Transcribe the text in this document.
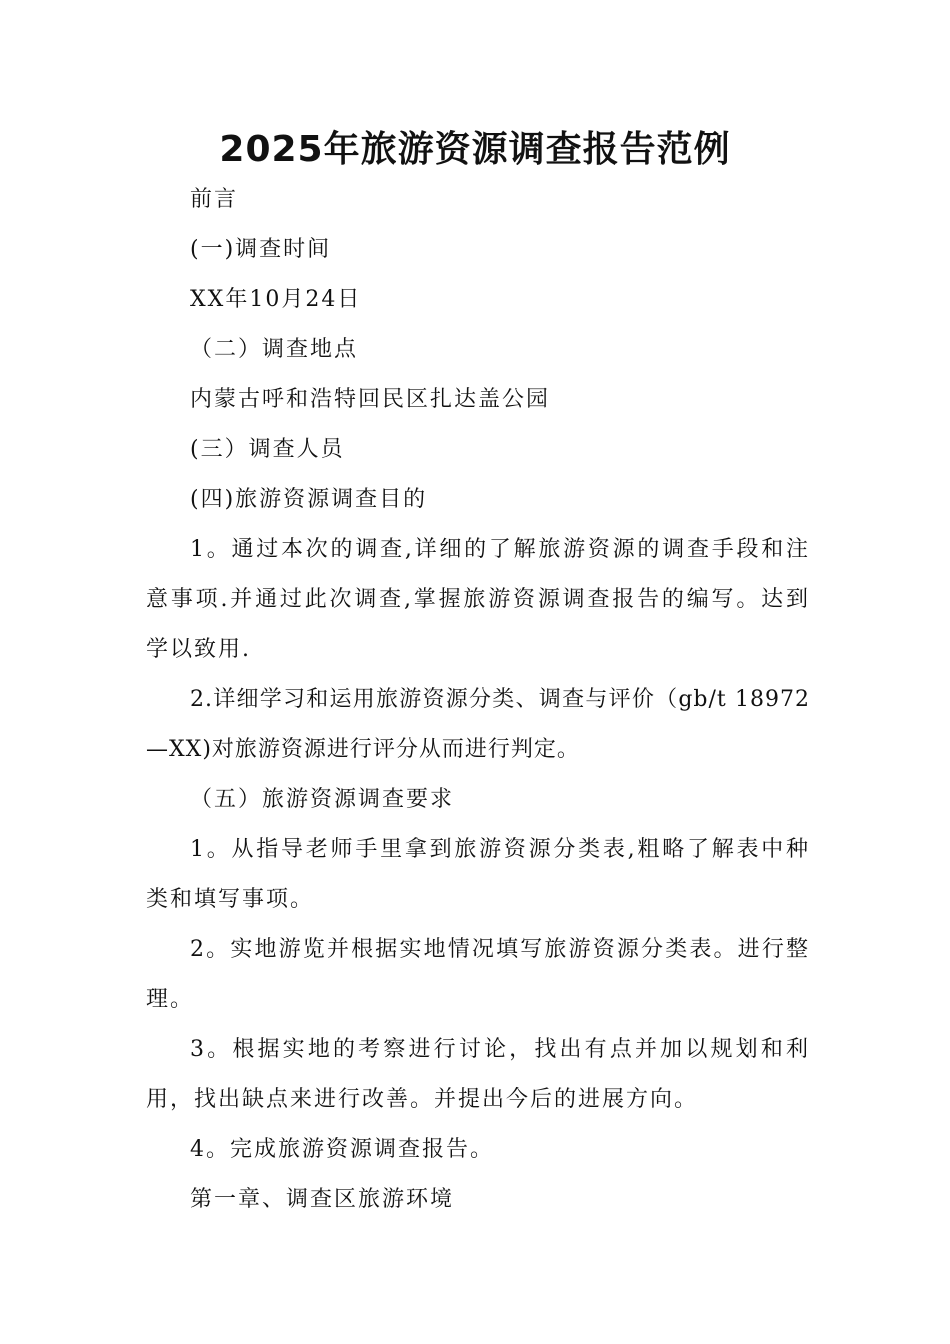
2025年旅游资源调查报告范例

前言

(一)调查时间

XX年10月24日

（二）调查地点

内蒙古呼和浩特回民区扎达盖公园

(三）调查人员

(四)旅游资源调查目的

1。通过本次的调查,详细的了解旅游资源的调查手段和注意事项.并通过此次调查,掌握旅游资源调查报告的编写。达到学以致用.

2.详细学习和运用旅游资源分类、调查与评价（gb/t 18972—XX)对旅游资源进行评分从而进行判定。

（五）旅游资源调查要求

1。从指导老师手里拿到旅游资源分类表,粗略了解表中种类和填写事项。

2。实地游览并根据实地情况填写旅游资源分类表。进行整理。

3。根据实地的考察进行讨论，找出有点并加以规划和利用，找出缺点来进行改善。并提出今后的进展方向。

4。完成旅游资源调查报告。

第一章、调查区旅游环境
